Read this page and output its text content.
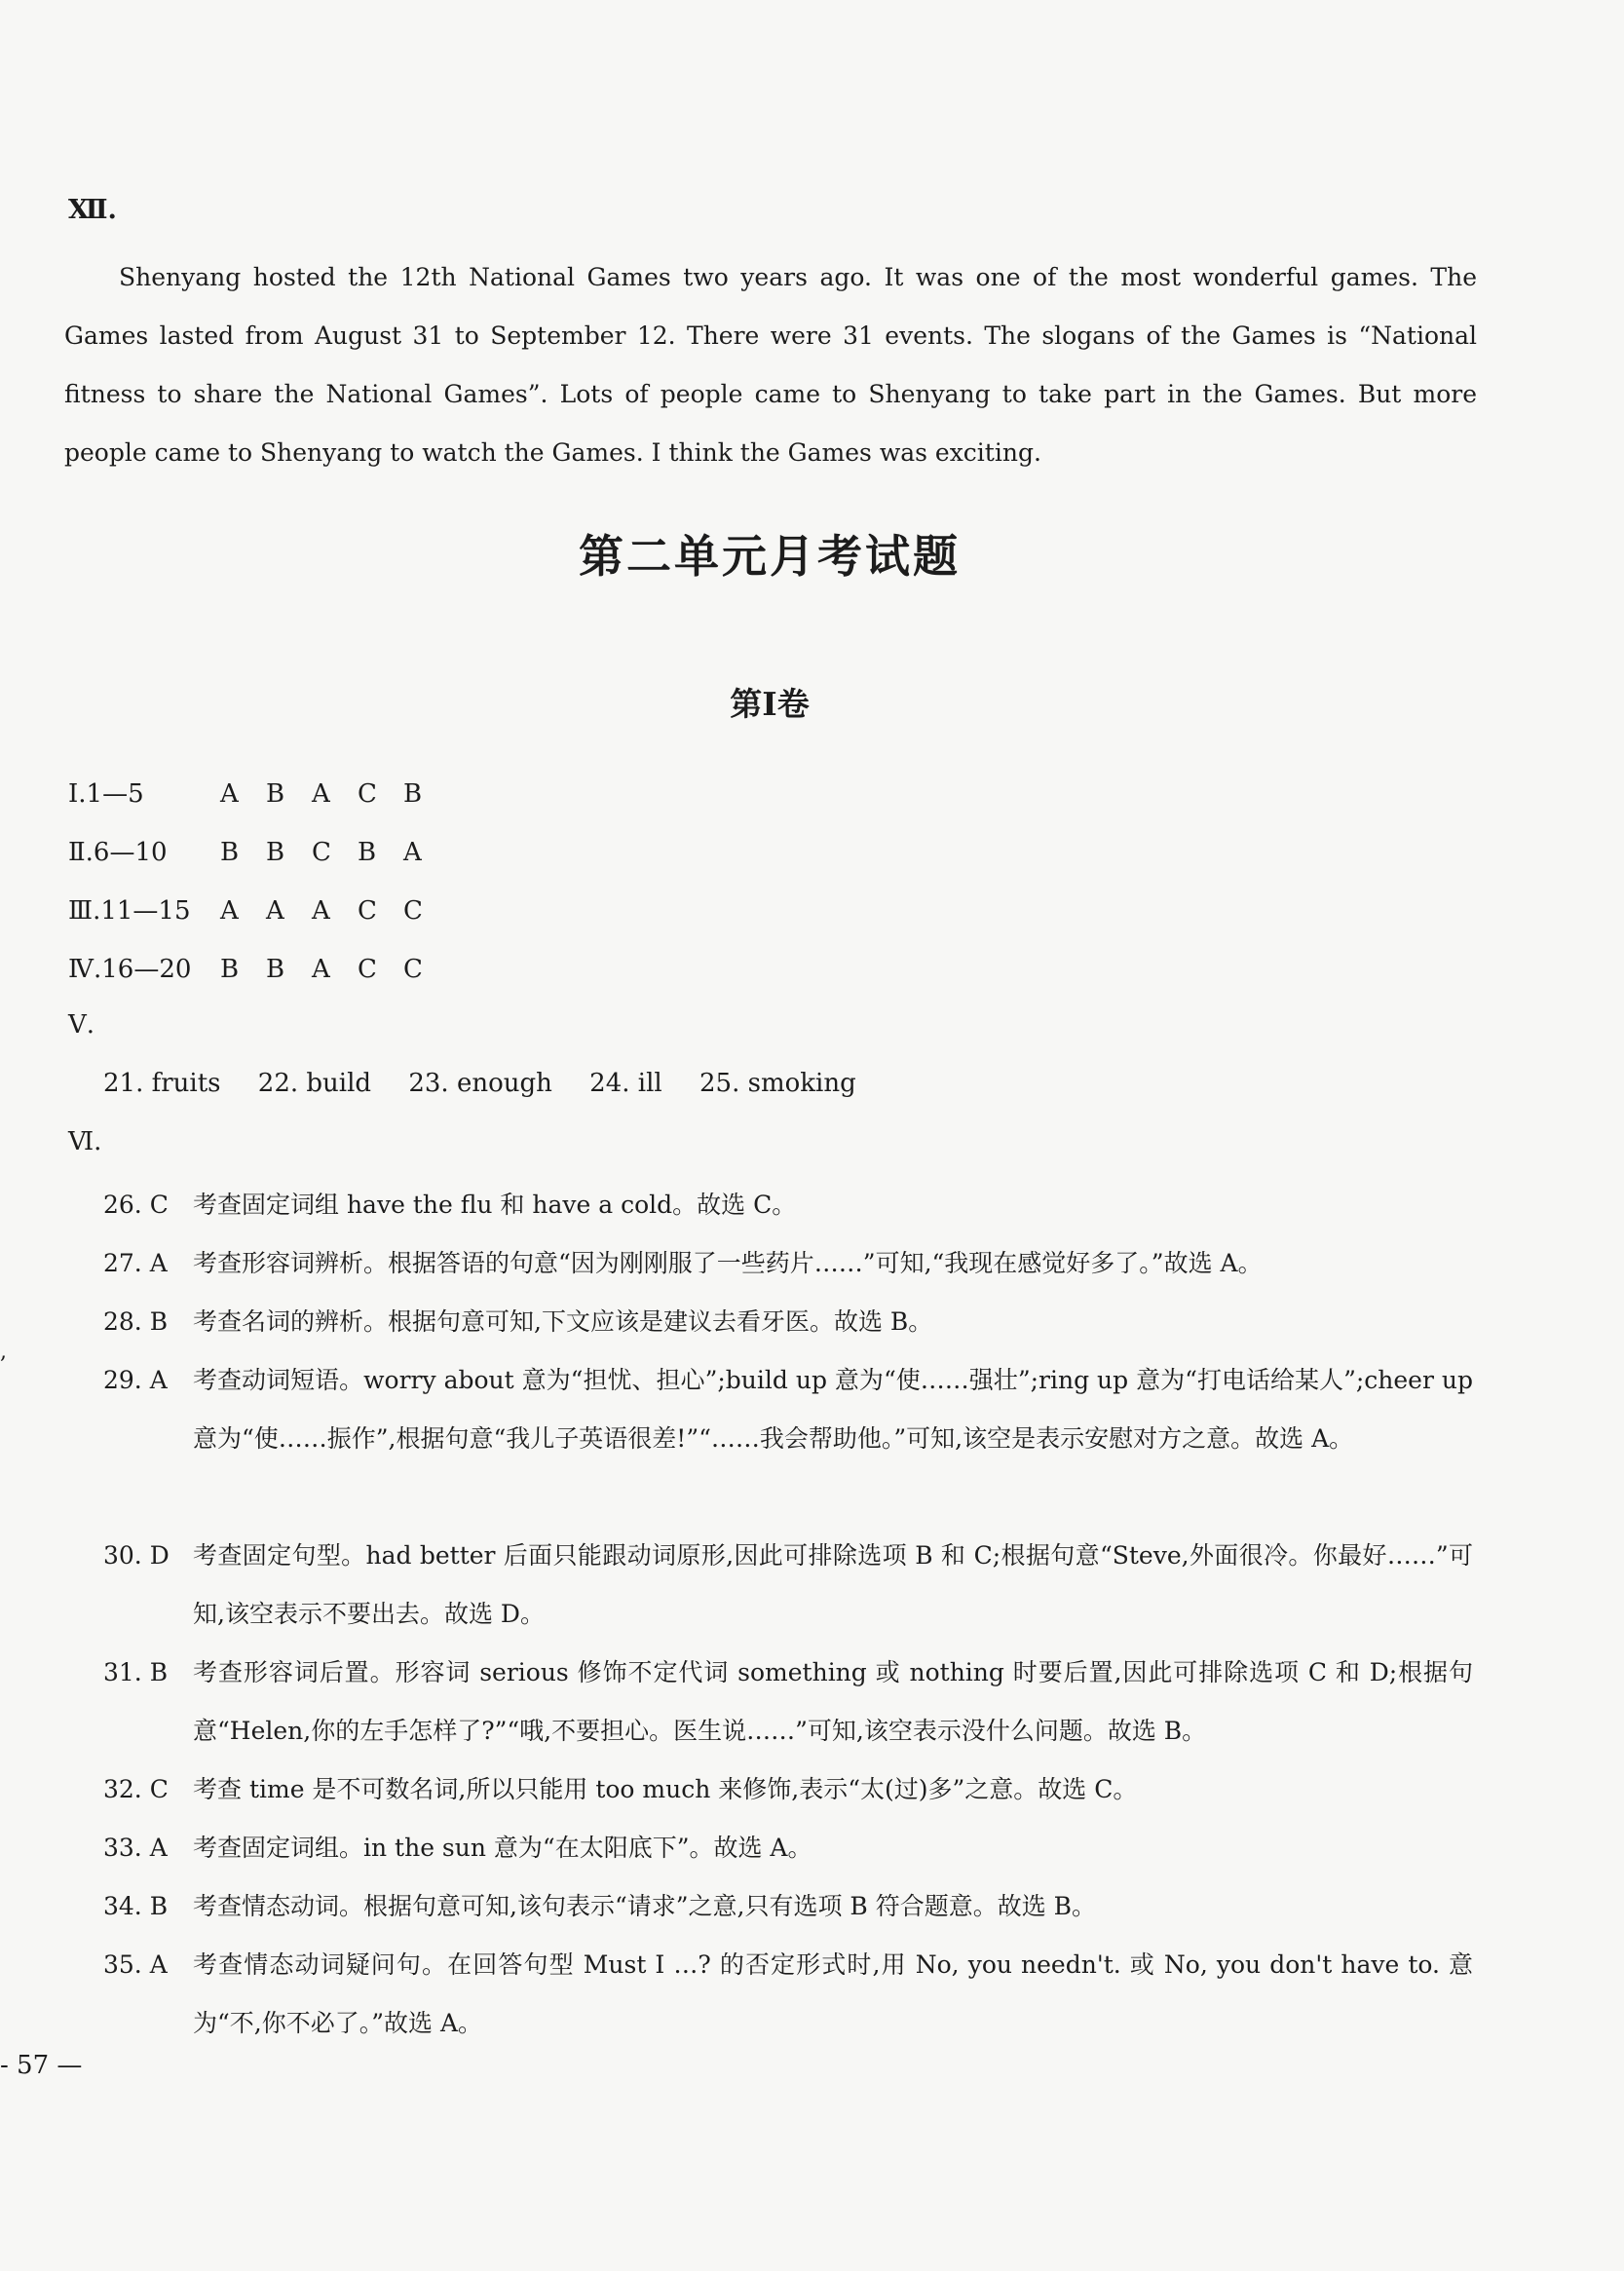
Ⅻ.
Shenyang hosted the 12th National Games two years ago. It was one of the most wonderful games. The Games lasted from August 31 to September 12. There were 31 events. The slogans of the Games is “National fitness to share the National Games”. Lots of people came to Shenyang to take part in the Games. But more people came to Shenyang to watch the Games. I think the Games was exciting.
第二单元月考试题
第Ⅰ卷
Ⅰ.1—5	A	B	A	C	B
Ⅱ.6—10	B	B	C	B	A
Ⅲ.11—15	A	A	A	C	C
Ⅳ.16—20	B	B	A	C	C
Ⅴ.
21. fruits 22. build 23. enough 24. ill 25. smoking
Ⅵ.
26. C	考查固定词组 have the flu 和 have a cold。故选 C。
27. A	考查形容词辨析。根据答语的句意“因为刚刚服了一些药片……”可知,“我现在感觉好多了。”故选 A。
28. B	考查名词的辨析。根据句意可知,下文应该是建议去看牙医。故选 B。
29. A	考查动词短语。worry about 意为“担忧、担心”;build up 意为“使……强壮”;ring up 意为“打电话给某人”;cheer up 意为“使……振作”,根据句意“我儿子英语很差!”“……我会帮助他。”可知,该空是表示安慰对方之意。故选 A。
30. D 考查固定句型。had better 后面只能跟动词原形,因此可排除选项 B 和 C;根据句意“Steve,外面很冷。你最好……”可知,该空表示不要出去。故选 D。
31. B	考查形容词后置。形容词 serious 修饰不定代词 something 或 nothing 时要后置,因此可排除选项 C 和 D;根据句意“Helen,你的左手怎样了?”“哦,不要担心。医生说……”可知,该空表示没什么问题。故选 B。
32. C	考查 time 是不可数名词,所以只能用 too much 来修饰,表示“太(过)多”之意。故选 C。
33. A	考查固定词组。in the sun 意为“在太阳底下”。故选 A。
34. B	考查情态动词。根据句意可知,该句表示“请求”之意,只有选项 B 符合题意。故选 B。
35. A	考查情态动词疑问句。在回答句型 Must I …? 的否定形式时,用 No, you needn't. 或 No, you don't have to. 意为“不,你不必了。”故选 A。
,
- 57 —
